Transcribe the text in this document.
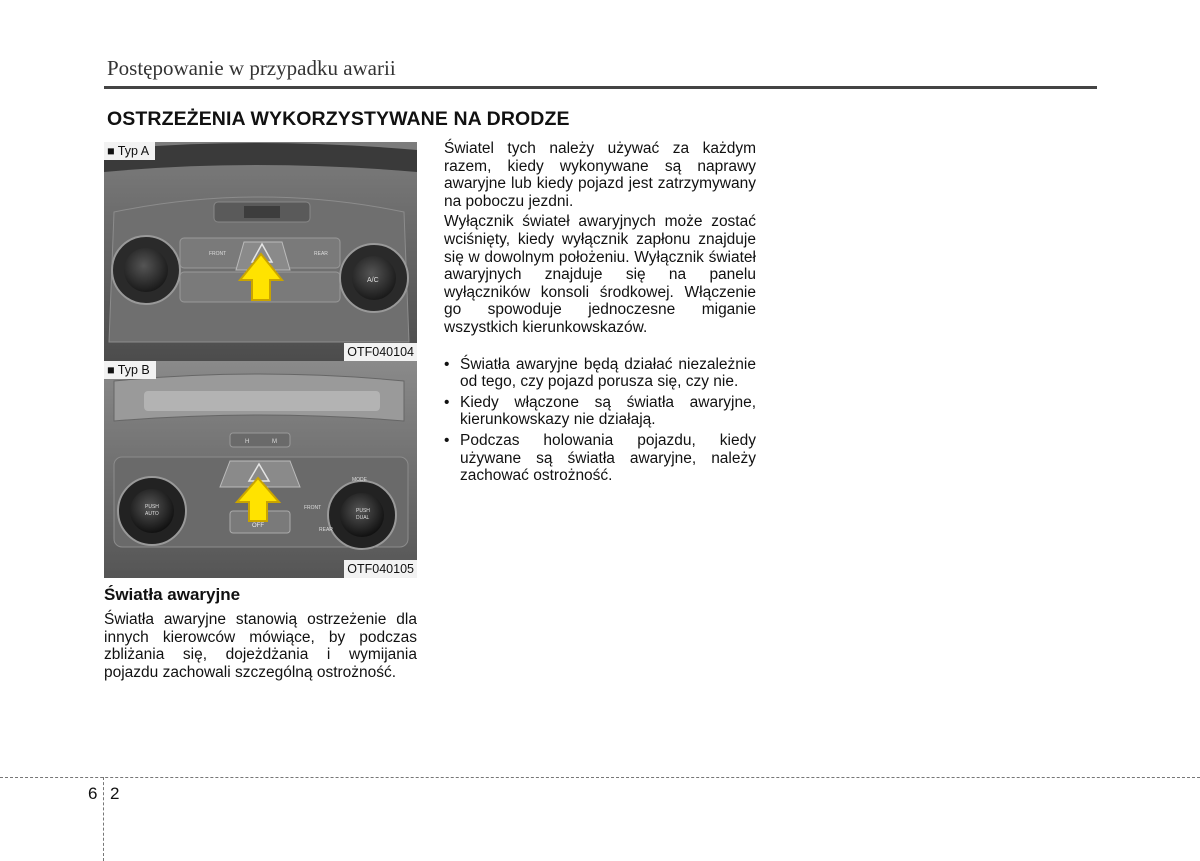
Postępowanie w przypadku awarii
OSTRZEŻENIA WYKORZYSTYWANE NA DRODZE
A/C
REAR
FRONT
■ Typ A
OTF040104
H	M
PUSH
AUTO	PUSH
DUAL
MODE
OFF
FRONT
REAR
■ Typ B
OTF040105
Światła awaryjne

Światła awaryjne stanowią ostrzeżenie dla innych kierowców mówiące, by podczas zbliżania się, dojeżdżania i wymijania pojazdu zachowali szczególną ostrożność.

Światel tych należy używać za każdym razem, kiedy wykonywane są naprawy awaryjne lub kiedy pojazd jest zatrzymywany na poboczu jezdni.

Wyłącznik świateł awaryjnych może zostać wciśnięty, kiedy wyłącznik zapłonu znajduje się w dowolnym położeniu. Wyłącznik świateł awaryjnych znajduje się na panelu wyłączników konsoli środkowej. Włączenie go spowoduje jednoczesne miganie wszystkich kierunkowskazów.

• Światła awaryjne będą działać niezależnie od tego, czy pojazd porusza się, czy nie.
• Kiedy włączone są światła awaryjne, kierunkowskazy nie działają.
• Podczas holowania pojazdu, kiedy używane są światła awaryjne, należy zachować ostrożność.
6 2
